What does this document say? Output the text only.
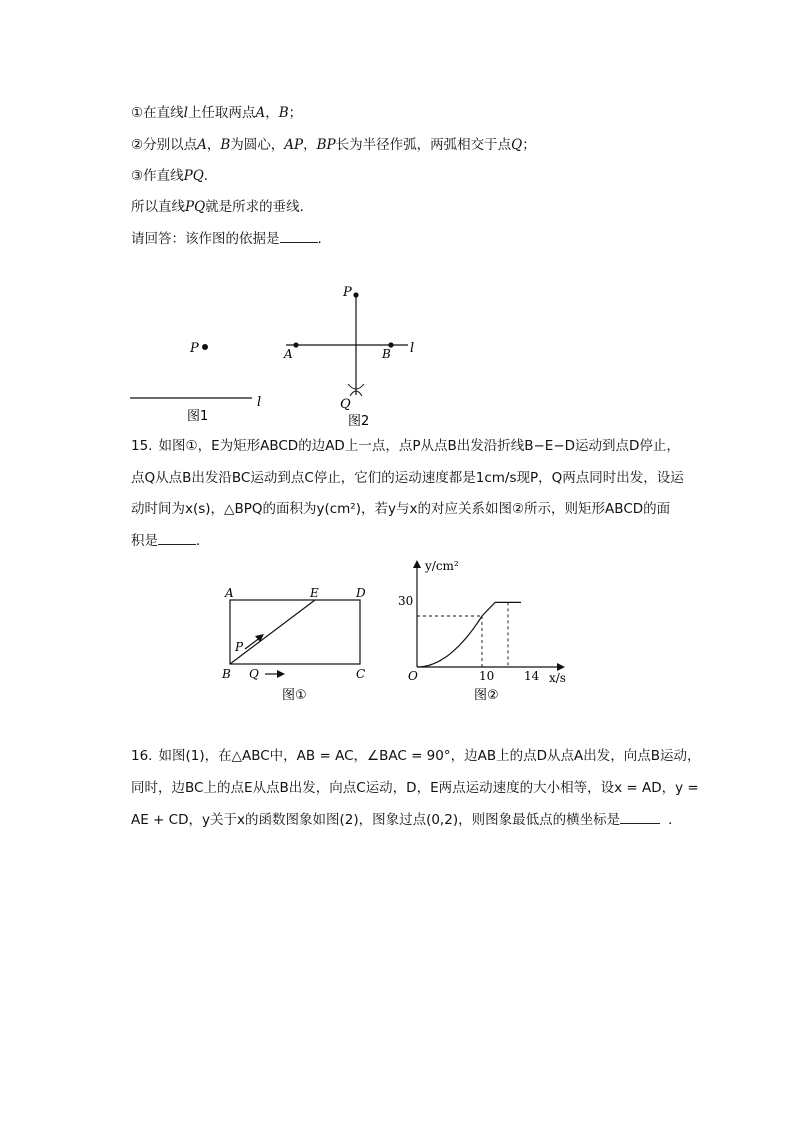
①在直线l上任取两点A，B；
②分别以点A，B为圆心，AP，BP长为半径作弧，两弧相交于点Q；
③作直线PQ．
所以直线PQ就是所求的垂线．
请回答：该作图的依据是	．
P
l
图1
P
A	B l
Q
图2
15. 如图①，E为矩形ABCD的边AD上一点，点P从点B出发沿折线B−E−D运动到点D停止，
点Q从点B出发沿BC运动到点C停止，它们的运动速度都是1cm/s现P，Q两点同时出发，设运
动时间为x(s)，△BPQ的面积为y(cm²)，若y与x的对应关系如图②所示，则矩形ABCD的面
积是	．
A	E	D
P
B Q	C
图①
y/cm²
x/s
O
30
10 14
图②
16. 如图(1)，在△ABC中，AB = AC，∠BAC = 90°，边AB上的点D从点A出发，向点B运动，
同时，边BC上的点E从点B出发，向点C运动，D，E两点运动速度的大小相等，设x = AD，y =
AE + CD，y关于x的函数图象如图(2)，图象过点(0,2)，则图象最低点的横坐标是	．
